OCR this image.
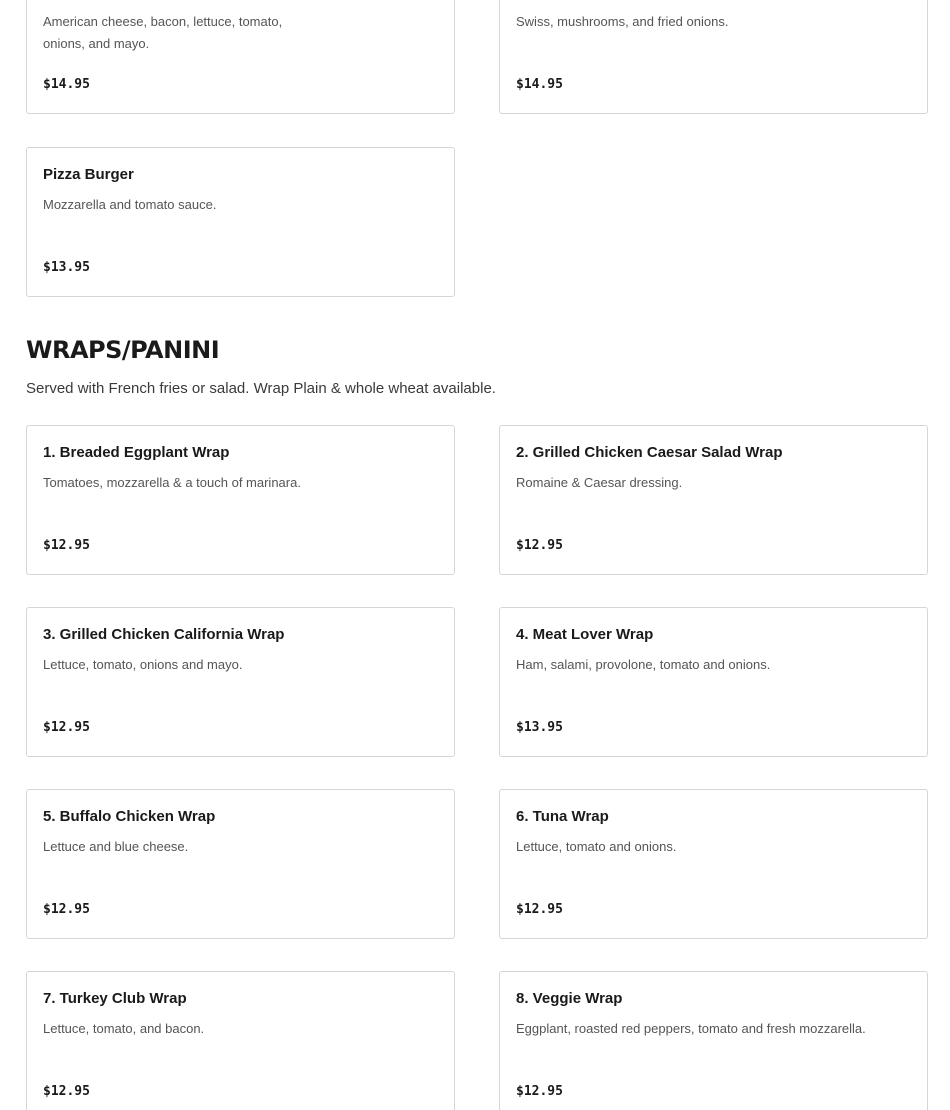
American cheese, bacon, lettuce, tomato, onions, and mayo.
$14.95
Swiss, mushrooms, and fried onions.
$14.95
Pizza Burger
Mozzarella and tomato sauce.
$13.95
WRAPS/PANINI
Served with French fries or salad. Wrap Plain & whole wheat available.
1. Breaded Eggplant Wrap
Tomatoes, mozzarella & a touch of marinara.
$12.95
2. Grilled Chicken Caesar Salad Wrap
Romaine & Caesar dressing.
$12.95
3. Grilled Chicken California Wrap
Lettuce, tomato, onions and mayo.
$12.95
4. Meat Lover Wrap
Ham, salami, provolone, tomato and onions.
$13.95
5. Buffalo Chicken Wrap
Lettuce and blue cheese.
$12.95
6. Tuna Wrap
Lettuce, tomato and onions.
$12.95
7. Turkey Club Wrap
Lettuce, tomato, and bacon.
$12.95
8. Veggie Wrap
Eggplant, roasted red peppers, tomato and fresh mozzarella.
$12.95
